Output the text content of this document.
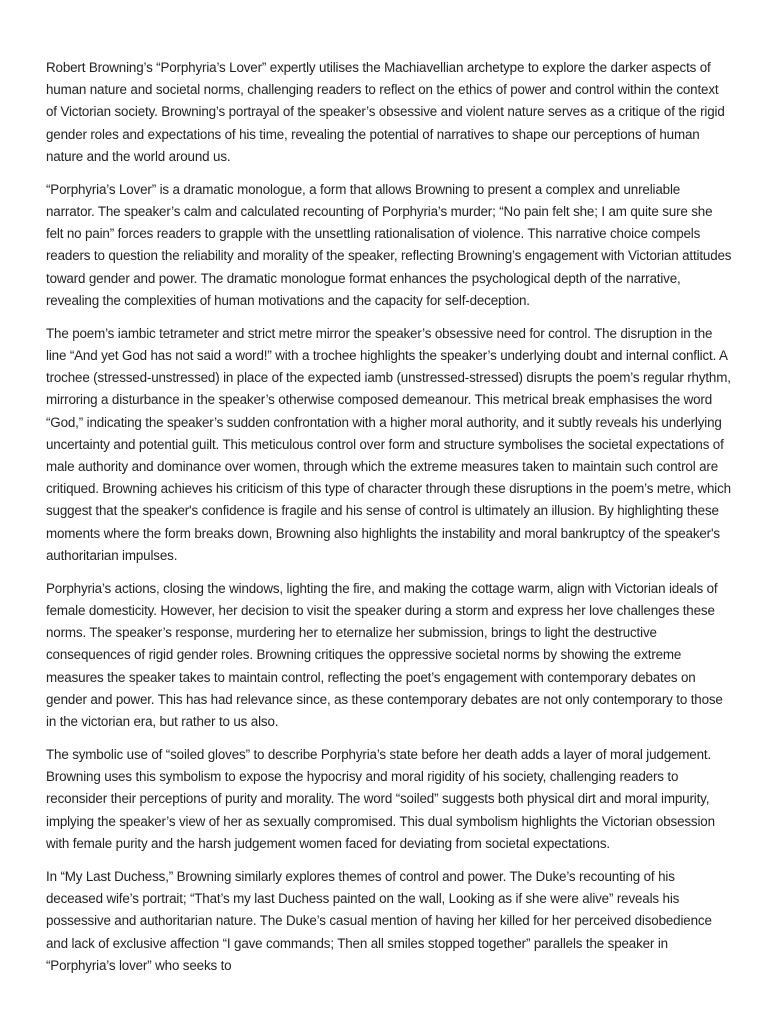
Robert Browning’s “Porphyria’s Lover” expertly utilises the Machiavellian archetype to explore the darker aspects of human nature and societal norms, challenging readers to reflect on the ethics of power and control within the context of Victorian society. Browning’s portrayal of the speaker’s obsessive and violent nature serves as a critique of the rigid gender roles and expectations of his time, revealing the potential of narratives to shape our perceptions of human nature and the world around us.

“Porphyria’s Lover” is a dramatic monologue, a form that allows Browning to present a complex and unreliable narrator. The speaker’s calm and calculated recounting of Porphyria’s murder; “No pain felt she; I am quite sure she felt no pain” forces readers to grapple with the unsettling rationalisation of violence. This narrative choice compels readers to question the reliability and morality of the speaker, reflecting Browning’s engagement with Victorian attitudes toward gender and power. The dramatic monologue format enhances the psychological depth of the narrative, revealing the complexities of human motivations and the capacity for self-deception.

The poem’s iambic tetrameter and strict metre mirror the speaker’s obsessive need for control. The disruption in the line “And yet God has not said a word!” with a trochee highlights the speaker’s underlying doubt and internal conflict. A trochee (stressed-unstressed) in place of the expected iamb (unstressed-stressed) disrupts the poem’s regular rhythm, mirroring a disturbance in the speaker’s otherwise composed demeanour. This metrical break emphasises the word “God,” indicating the speaker’s sudden confrontation with a higher moral authority, and it subtly reveals his underlying uncertainty and potential guilt. This meticulous control over form and structure symbolises the societal expectations of male authority and dominance over women, through which the extreme measures taken to maintain such control are critiqued. Browning achieves his criticism of this type of character through these disruptions in the poem’s metre, which suggest that the speaker's confidence is fragile and his sense of control is ultimately an illusion. By highlighting these moments where the form breaks down, Browning also highlights the instability and moral bankruptcy of the speaker's authoritarian impulses.

Porphyria’s actions, closing the windows, lighting the fire, and making the cottage warm, align with Victorian ideals of female domesticity. However, her decision to visit the speaker during a storm and express her love challenges these norms. The speaker’s response, murdering her to eternalize her submission, brings to light the destructive consequences of rigid gender roles. Browning critiques the oppressive societal norms by showing the extreme measures the speaker takes to maintain control, reflecting the poet’s engagement with contemporary debates on gender and power. This has had relevance since, as these contemporary debates are not only contemporary to those in the victorian era, but rather to us also.

The symbolic use of “soiled gloves” to describe Porphyria’s state before her death adds a layer of moral judgement. Browning uses this symbolism to expose the hypocrisy and moral rigidity of his society, challenging readers to reconsider their perceptions of purity and morality. The word “soiled” suggests both physical dirt and moral impurity, implying the speaker’s view of her as sexually compromised. This dual symbolism highlights the Victorian obsession with female purity and the harsh judgement women faced for deviating from societal expectations.

In “My Last Duchess,” Browning similarly explores themes of control and power. The Duke’s recounting of his deceased wife’s portrait; “That’s my last Duchess painted on the wall, Looking as if she were alive” reveals his possessive and authoritarian nature. The Duke’s casual mention of having her killed for her perceived disobedience and lack of exclusive affection “I gave commands; Then all smiles stopped together” parallels the speaker in “Porphyria’s lover” who seeks to
